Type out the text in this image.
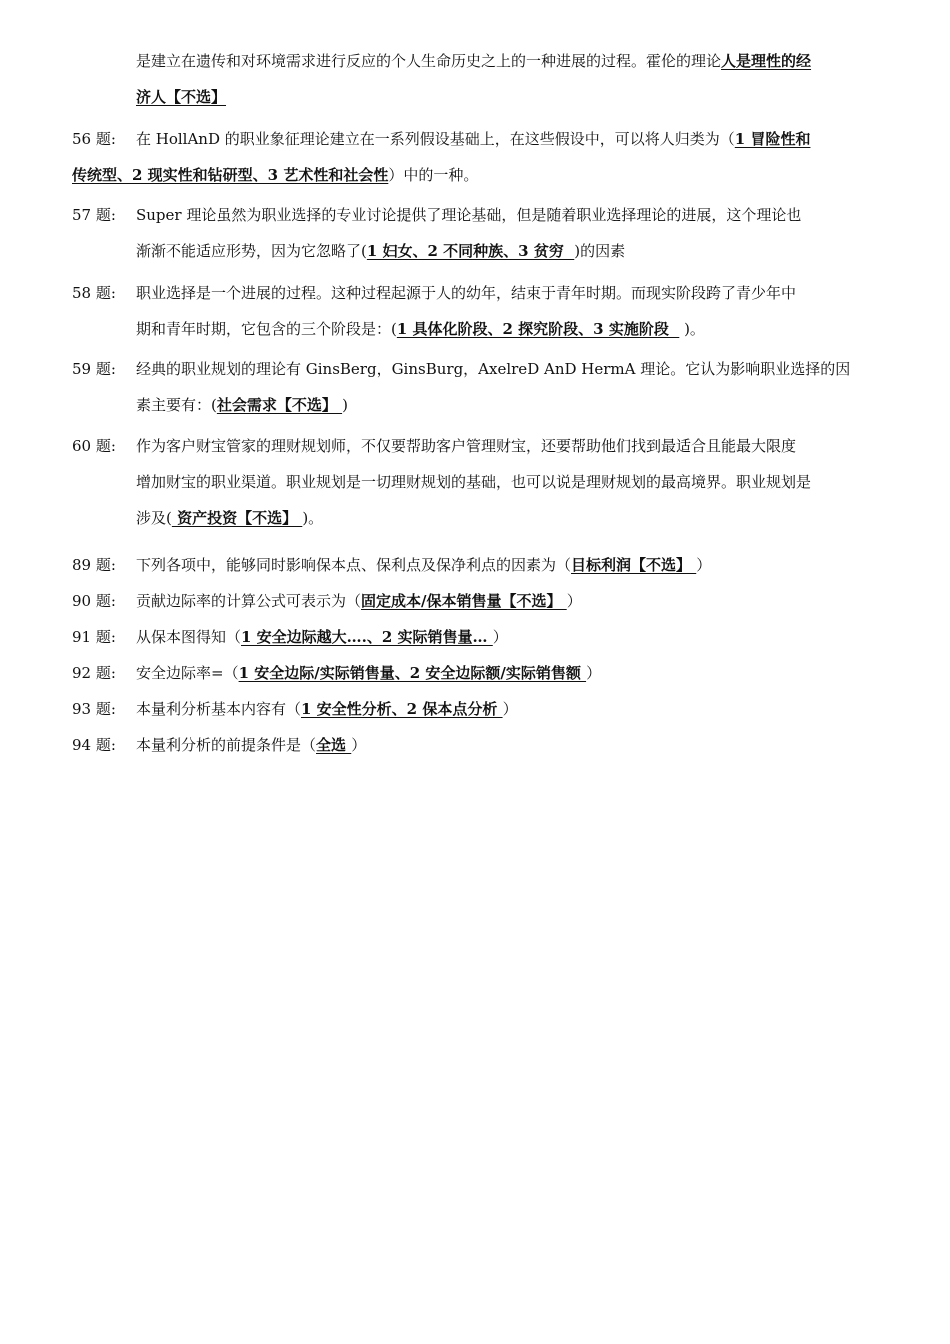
是建立在遗传和对环境需求进行反应的个人生命历史之上的一种进展的过程。霍伦的理论人是理性的经
济人【不选】
56 题: 在 HollAnD 的职业象征理论建立在一系列假设基础上，在这些假设中，可以将人归类为（1 冒险性和
传统型、2 现实性和钻研型、3 艺术性和社会性）中的一种。
57 题: Super 理论虽然为职业选择的专业讨论提供了理论基础，但是随着职业选择理论的进展，这个理论也
渐渐不能适应形势，因为它忽略了(1 妇女、2 不同种族、3 贫穷  )的因素
58 题: 职业选择是一个进展的过程。这种过程起源于人的幼年，结束于青年时期。而现实阶段跨了青少年中
期和青年时期，它包含的三个阶段是：(1 具体化阶段、2 探究阶段、3 实施阶段   )。
59 题: 经典的职业规划的理论有 GinsBerg，GinsBurg，AxelreD AnD HermA 理论。它认为影响职业选择的因
素主要有：(社会需求【不选】 )
60 题: 作为客户财宝管家的理财规划师，不仅要帮助客户管理财宝，还要帮助他们找到最适合且能最大限度
增加财宝的职业渠道。职业规划是一切理财规划的基础，也可以说是理财规划的最高境界。职业规划是
涉及( 资产投资【不选】 )。
89 题: 下列各项中，能够同时影响保本点、保利点及保净利点的因素为（目标利润【不选】 ）
90 题: 贡献边际率的计算公式可表示为（固定成本/保本销售量【不选】 ）
91 题: 从保本图得知（1 安全边际越大….、2 实际销售量… ）
92 题: 安全边际率=（1 安全边际/实际销售量、2 安全边际额/实际销售额 ）
93 题: 本量利分析基本内容有（1 安全性分析、2 保本点分析 ）
94 题: 本量利分析的前提条件是（全选 ）
